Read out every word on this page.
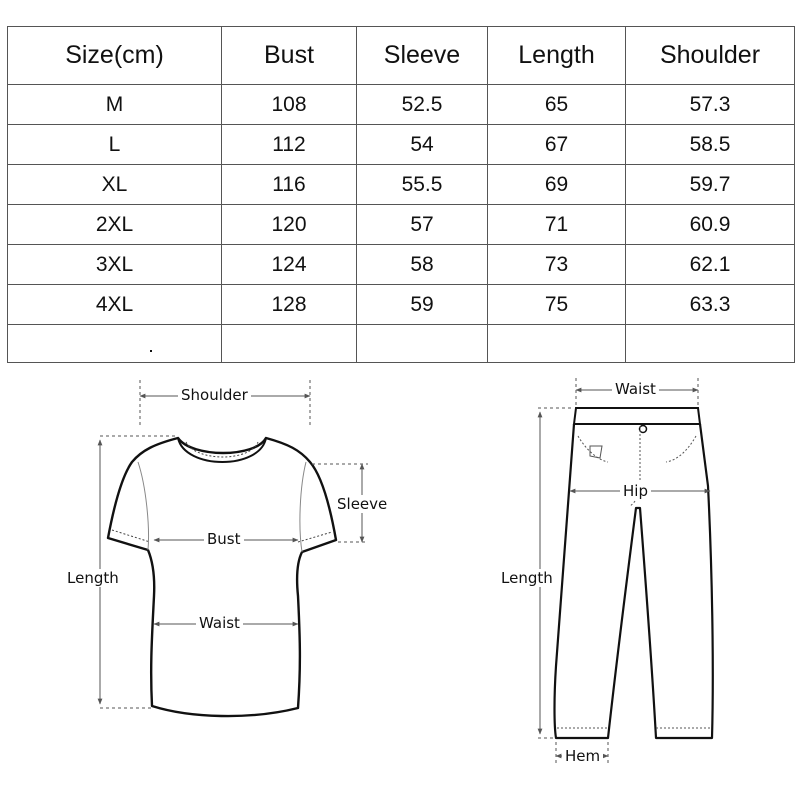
Size(cm)	Bust	Sleeve	Length	Shoulder
M	108	52.5	65	57.3
L	112	54	67	58.5
XL	116	55.5	69	59.7
2XL	120	57	71	60.9
3XL	124	58	73	62.1
4XL	128	59	75	63.3

Shoulder
Sleeve
Bust
Waist
Length
Waist
Hip
Length
Hem
